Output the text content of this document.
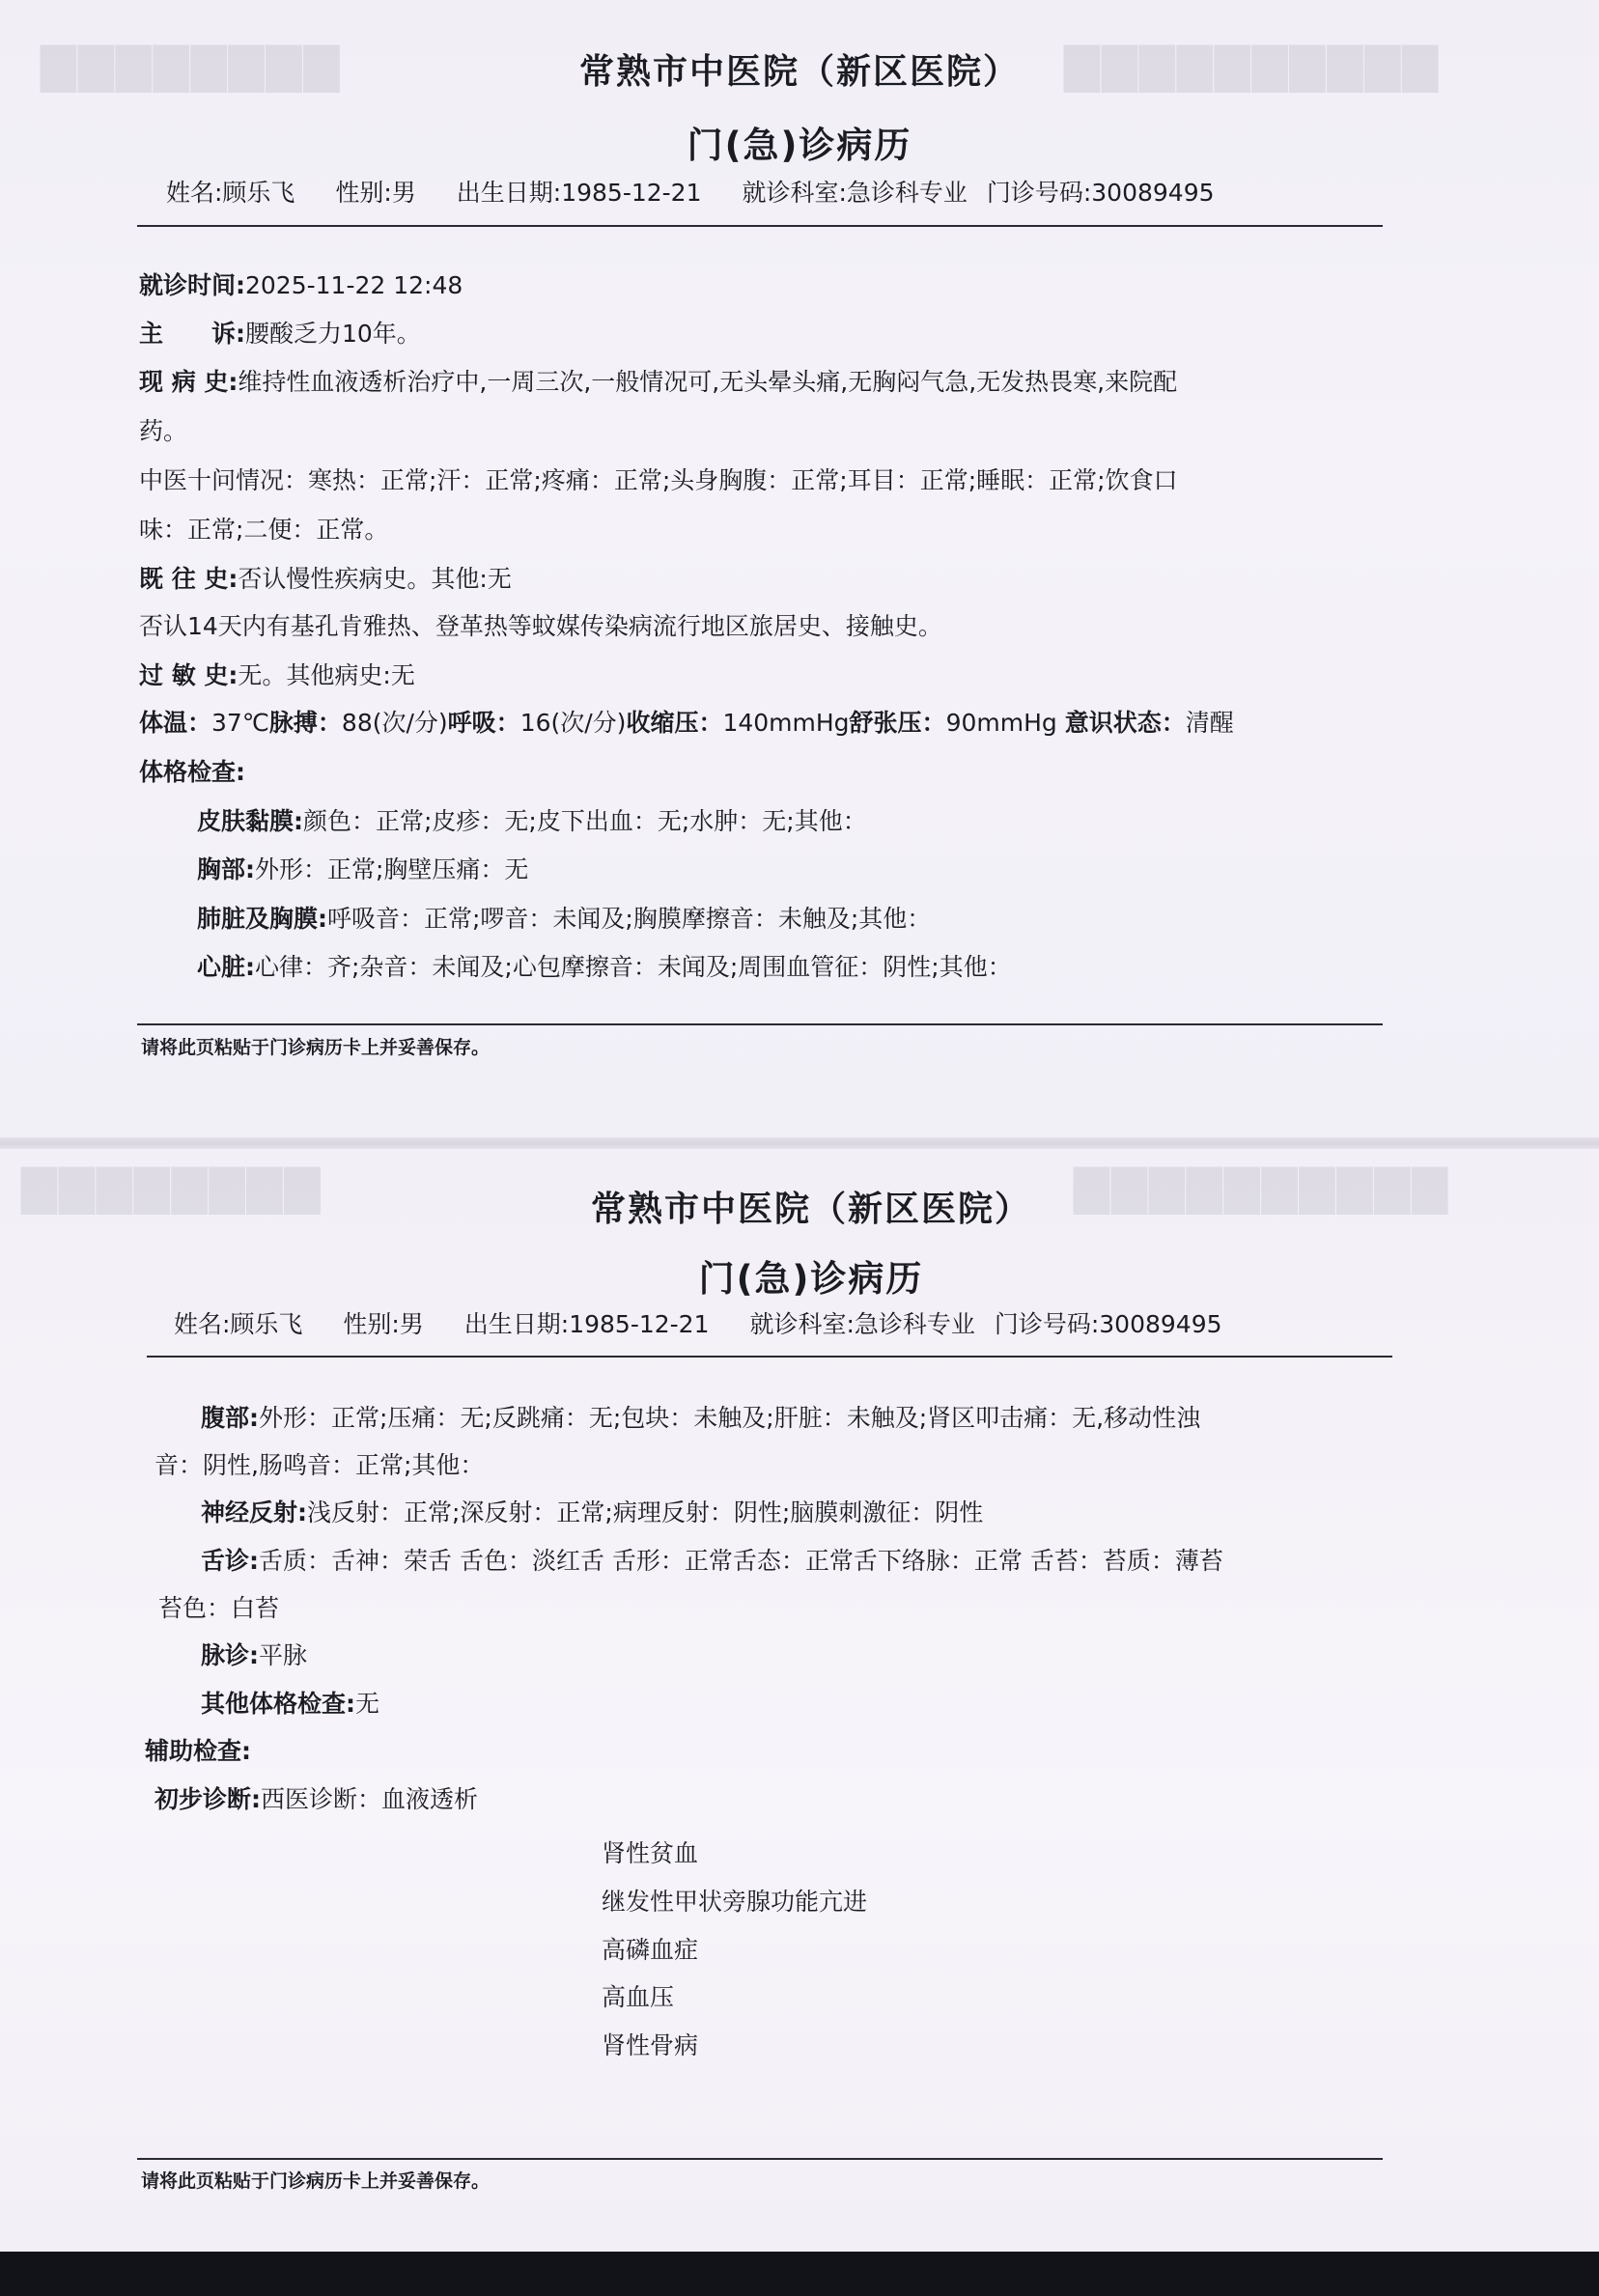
▇▇▇▇▇▇▇▇	▇▇▇▇▇▇▇▇▇▇
常熟市中医院（新区医院）
门(急)诊病历
姓名:顾乐飞 性别:男 出生日期:1985-12-21 就诊科室:急诊科专业 门诊号码:30089495
就诊时间:2025-11-22 12:48
主　　诉:腰酸乏力10年。
现 病 史:维持性血液透析治疗中,一周三次,一般情况可,无头晕头痛,无胸闷气急,无发热畏寒,来院配
药。
中医十问情况：寒热：正常;汗：正常;疼痛：正常;头身胸腹：正常;耳目：正常;睡眠：正常;饮食口
味：正常;二便：正常。
既 往 史:否认慢性疾病史。其他:无
否认14天内有基孔肯雅热、登革热等蚊媒传染病流行地区旅居史、接触史。
过 敏 史:无。其他病史:无
体温：37℃脉搏：88(次/分)呼吸：16(次/分)收缩压：140mmHg舒张压：90mmHg 意识状态：清醒
体格检查:
皮肤黏膜:颜色：正常;皮疹：无;皮下出血：无;水肿：无;其他：
胸部:外形：正常;胸壁压痛：无
肺脏及胸膜:呼吸音：正常;啰音：未闻及;胸膜摩擦音：未触及;其他：
心脏:心律：齐;杂音：未闻及;心包摩擦音：未闻及;周围血管征：阴性;其他：
请将此页粘贴于门诊病历卡上并妥善保存。
▇▇▇▇▇▇▇▇	▇▇▇▇▇▇▇▇▇▇
常熟市中医院（新区医院）
门(急)诊病历
姓名:顾乐飞 性别:男 出生日期:1985-12-21 就诊科室:急诊科专业 门诊号码:30089495
腹部:外形：正常;压痛：无;反跳痛：无;包块：未触及;肝脏：未触及;肾区叩击痛：无,移动性浊
音：阴性,肠鸣音：正常;其他：
神经反射:浅反射：正常;深反射：正常;病理反射：阴性;脑膜刺激征：阴性
舌诊:舌质：舌神：荣舌 舌色：淡红舌 舌形：正常舌态：正常舌下络脉：正常 舌苔：苔质：薄苔
苔色：白苔
脉诊:平脉
其他体格检查:无
辅助检查:
初步诊断:西医诊断：血液透析
肾性贫血
继发性甲状旁腺功能亢进
高磷血症
高血压
肾性骨病
请将此页粘贴于门诊病历卡上并妥善保存。
